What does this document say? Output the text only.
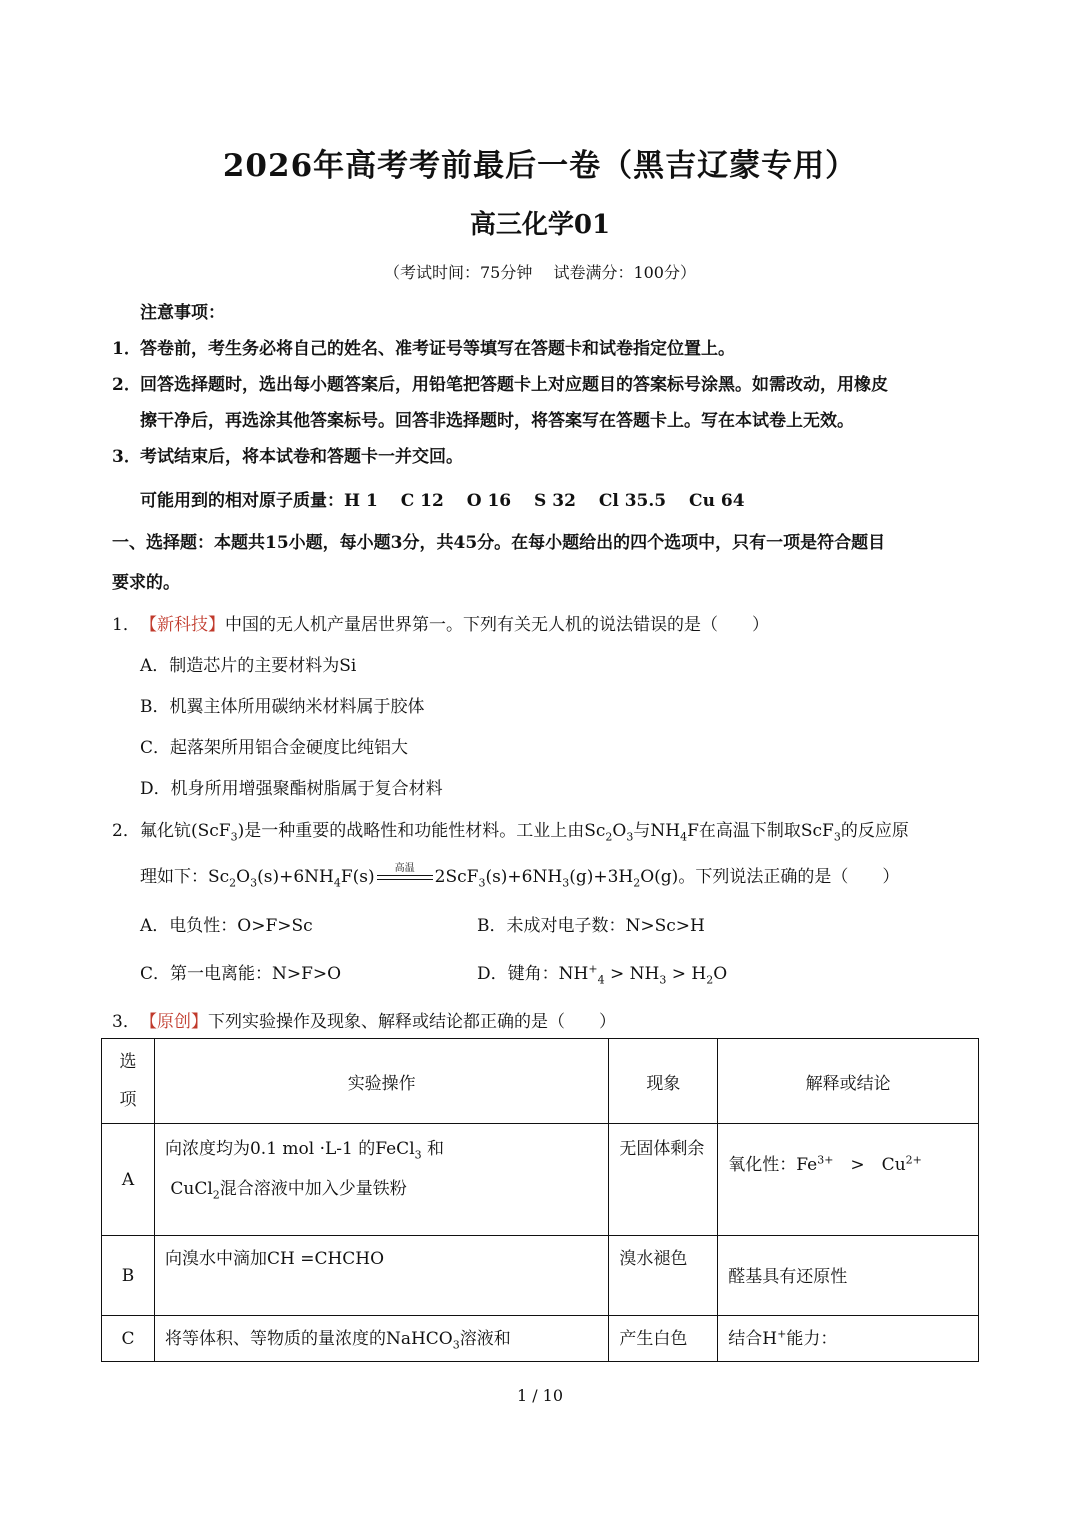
2026年高考考前最后一卷（黑吉辽蒙专用）
高三化学01
（考试时间：75分钟　 试卷满分：100分）
注意事项：
1．答卷前，考生务必将自己的姓名、准考证号等填写在答题卡和试卷指定位置上。
2．回答选择题时，选出每小题答案后，用铅笔把答题卡上对应题目的答案标号涂黑。如需改动，用橡皮
擦干净后，再选涂其他答案标号。回答非选择题时，将答案写在答题卡上。写在本试卷上无效。
3．考试结束后，将本试卷和答题卡一并交回。
可能用到的相对原子质量：H 1　 C 12　 O 16　 S 32　 Cl 35.5　 Cu 64
一、选择题：本题共15小题，每小题3分，共45分。在每小题给出的四个选项中，只有一项是符合题目
要求的。
1．【新科技】中国的无人机产量居世界第一。下列有关无人机的说法错误的是（　　）
A．制造芯片的主要材料为Si
B．机翼主体所用碳纳米材料属于胶体
C．起落架所用铝合金硬度比纯铝大
D．机身所用增强聚酯树脂属于复合材料
2．氟化钪(ScF$_3$)是一种重要的战略性和功能性材料。工业上由$Sc_2O_3$与$NH_4F$在高温下制取ScF$_3$的反应原
理如下：$Sc_2O_3(s)+6NH_4F(s)$	高温	$2ScF_3(s)+6NH_3(g)+3H_2O(g)$。下列说法正确的是（　　）
A．电负性：O>F>Sc	B．未成对电子数：N>Sc>H
C．第一电离能：N>F>O	D．键角：$NH^+_4 > NH_3 > H_2O$
3．【原创】下列实验操作及现象、解释或结论都正确的是（　　）
选项	实验操作	现象	解释或结论
A	向浓度均为0.1 mol ·L-1 的FeCl$_3$ 和
CuCl$_2$混合溶液中加入少量铁粉	无固体剩余	氧化性：$Fe^{3+}$　>　$Cu^{2+}$
B	向溴水中滴加CH =CHCHO	溴水褪色	醛基具有还原性
C	将等体积、等物质的量浓度的NaHCO$_3$溶液和	产生白色	结合H+能力：
1 / 10
